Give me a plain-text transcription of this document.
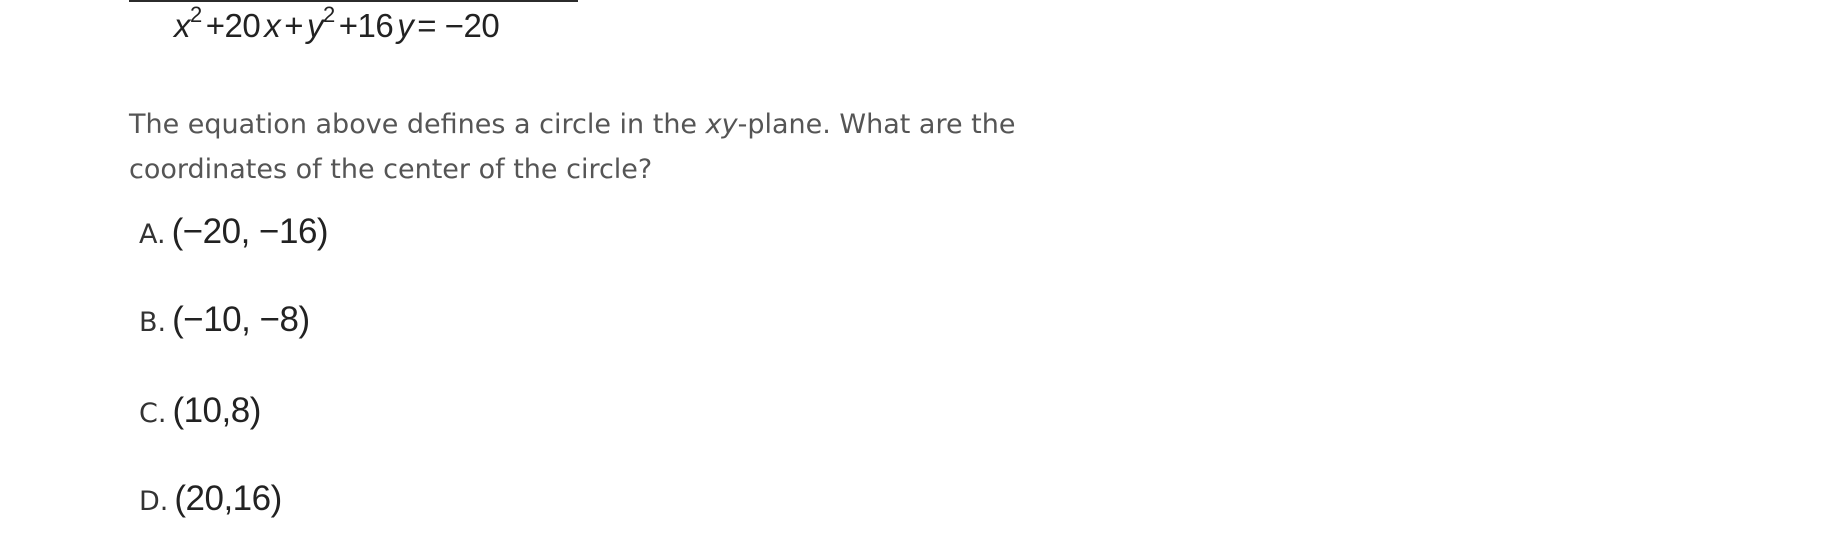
$x^2 +20$ $x + y^2 +16$ y = −20
The equation above defines a circle in the xy-plane. What are the coordinates of the center of the circle?
A. (−20, −16)
B. (−10, −8)
C. (10,8)
D. (20,16)
